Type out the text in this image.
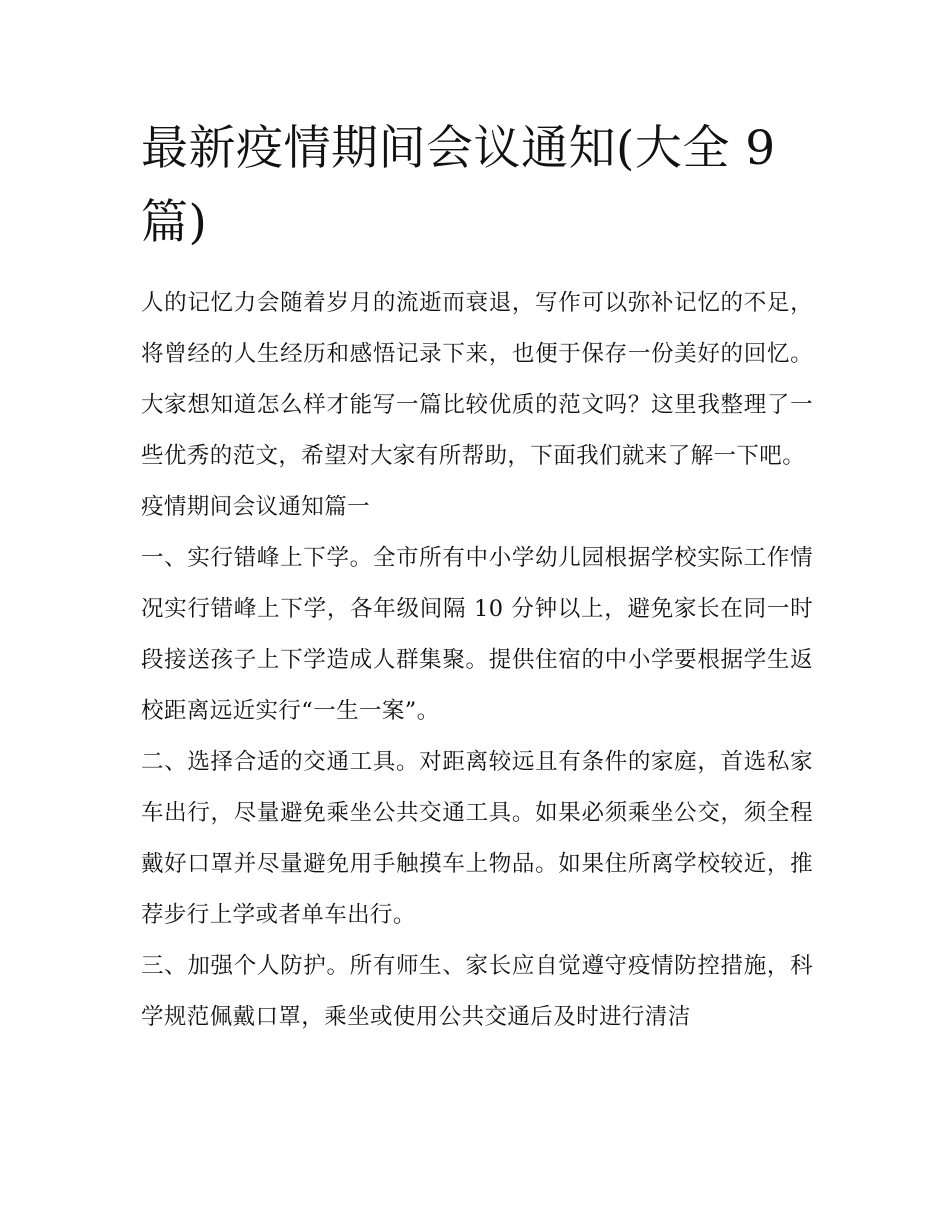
最新疫情期间会议通知(大全 9 篇)

人的记忆力会随着岁月的流逝而衰退，写作可以弥补记忆的不足，将曾经的人生经历和感悟记录下来，也便于保存一份美好的回忆。大家想知道怎么样才能写一篇比较优质的范文吗？这里我整理了一些优秀的范文，希望对大家有所帮助，下面我们就来了解一下吧。

疫情期间会议通知篇一

一、实行错峰上下学。全市所有中小学幼儿园根据学校实际工作情况实行错峰上下学，各年级间隔 10 分钟以上，避免家长在同一时段接送孩子上下学造成人群集聚。提供住宿的中小学要根据学生返校距离远近实行“一生一案”。

二、选择合适的交通工具。对距离较远且有条件的家庭，首选私家车出行，尽量避免乘坐公共交通工具。如果必须乘坐公交，须全程戴好口罩并尽量避免用手触摸车上物品。如果住所离学校较近，推荐步行上学或者单车出行。

三、加强个人防护。所有师生、家长应自觉遵守疫情防控措施，科学规范佩戴口罩，乘坐或使用公共交通后及时进行清洁
